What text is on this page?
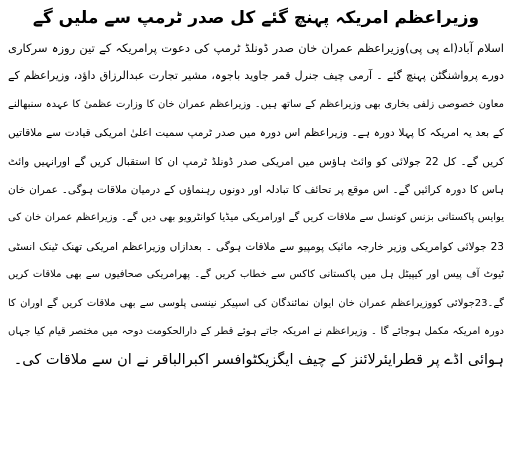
وزیراعظم امریکہ پہنچ گئے کل صدر ٹرمپ سے ملیں گے
اسلام آباد(اے پی پی)وزیراعظم عمران خان صدر ڈونلڈ ٹرمپ کی دعوت پرامریکہ کے تین روزہ سرکاری
دورے پرواشنگٹن پہنچ گئے ۔ آرمی چیف جنرل قمر جاوید باجوہ، مشیر تجارت عبدالرزاق داؤد، وزیراعظم کے
معاون خصوصی زلفی بخاری بھی وزیراعظم کے ساتھ ہیں۔ وزیراعظم عمران خان کا وزارت عظمیٰ کا عہدہ سنبھالنے
کے بعد یہ امریکہ کا پہلا دورہ ہے۔ وزیراعظم اس دورہ میں صدر ٹرمپ سمیت اعلیٰ امریکی قیادت سے ملاقاتیں
کریں گے۔ کل 22 جولائی کو وائٹ ہاؤس میں امریکی صدر ڈونلڈ ٹرمپ ان کا استقبال کریں گے اورانہیں وائٹ
ہاس کا دورہ کرائیں گے۔ اس موقع پر تحائف کا تبادلہ اور دونوں رہنماؤں کے درمیان ملاقات ہوگی۔ عمران خان
یوایس پاکستانی بزنس کونسل سے ملاقات کریں گے اورامریکی میڈیا کوانٹرویو بھی دیں گے۔ وزیراعظم عمران خان کی
23 جولائی کوامریکی وزیر خارجہ مائیک پومپیو سے ملاقات ہوگی ۔ بعدازاں وزیراعظم امریکی تھنک ٹینک انسٹی
ٹیوٹ آف پیس اور کیپیٹل ہل میں پاکستانی کاکس سے خطاب کریں گے۔ پھرامریکی صحافیوں سے بھی ملاقات کریں
گے۔23جولائی کووزیراعظم عمران خان ایوان نمائندگان کی اسپیکر نینسی پلوسی سے بھی ملاقات کریں گے اوران کا
دورہ امریکہ مکمل ہوجائے گا ۔ وزیراعظم نے امریکہ جاتے ہوئے قطر کے دارالحکومت دوحہ میں مختصر قیام کیا جہاں
ہوائی اڈے پر قطرایئرلائنز کے چیف ایگزیکٹوافسر اکبرالباقر نے ان سے ملاقات کی۔
